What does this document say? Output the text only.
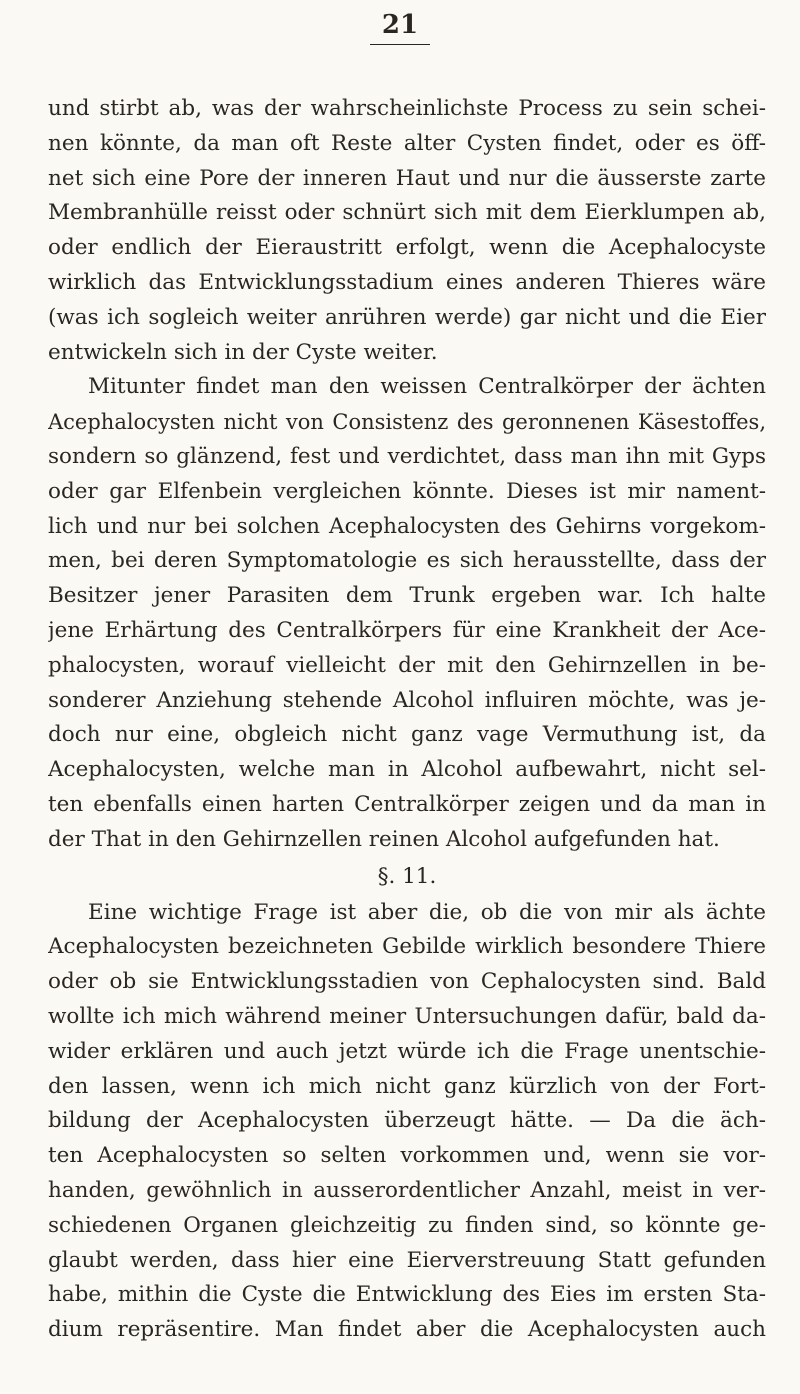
21
und stirbt ab, was der wahrscheinlichste Process zu sein schei-
nen könnte, da man oft Reste alter Cysten findet, oder es öff-
net sich eine Pore der inneren Haut und nur die äusserste zarte
Membranhülle reisst oder schnürt sich mit dem Eierklumpen ab,
oder endlich der Eieraustritt erfolgt, wenn die Acephalocyste
wirklich das Entwicklungsstadium eines anderen Thieres wäre
(was ich sogleich weiter anrühren werde) gar nicht und die Eier
entwickeln sich in der Cyste weiter.
Mitunter findet man den weissen Centralkörper der ächten
Acephalocysten nicht von Consistenz des geronnenen Käsestoffes,
sondern so glänzend, fest und verdichtet, dass man ihn mit Gyps
oder gar Elfenbein vergleichen könnte. Dieses ist mir nament-
lich und nur bei solchen Acephalocysten des Gehirns vorgekom-
men, bei deren Symptomatologie es sich herausstellte, dass der
Besitzer jener Parasiten dem Trunk ergeben war. Ich halte
jene Erhärtung des Centralkörpers für eine Krankheit der Ace-
phalocysten, worauf vielleicht der mit den Gehirnzellen in be-
sonderer Anziehung stehende Alcohol influiren möchte, was je-
doch nur eine, obgleich nicht ganz vage Vermuthung ist, da
Acephalocysten, welche man in Alcohol aufbewahrt, nicht sel-
ten ebenfalls einen harten Centralkörper zeigen und da man in
der That in den Gehirnzellen reinen Alcohol aufgefunden hat.
§. 11.
Eine wichtige Frage ist aber die, ob die von mir als ächte
Acephalocysten bezeichneten Gebilde wirklich besondere Thiere
oder ob sie Entwicklungsstadien von Cephalocysten sind. Bald
wollte ich mich während meiner Untersuchungen dafür, bald da-
wider erklären und auch jetzt würde ich die Frage unentschie-
den lassen, wenn ich mich nicht ganz kürzlich von der Fort-
bildung der Acephalocysten überzeugt hätte. — Da die äch-
ten Acephalocysten so selten vorkommen und, wenn sie vor-
handen, gewöhnlich in ausserordentlicher Anzahl, meist in ver-
schiedenen Organen gleichzeitig zu finden sind, so könnte ge-
glaubt werden, dass hier eine Eierverstreuung Statt gefunden
habe, mithin die Cyste die Entwicklung des Eies im ersten Sta-
dium repräsentire. Man findet aber die Acephalocysten auch
